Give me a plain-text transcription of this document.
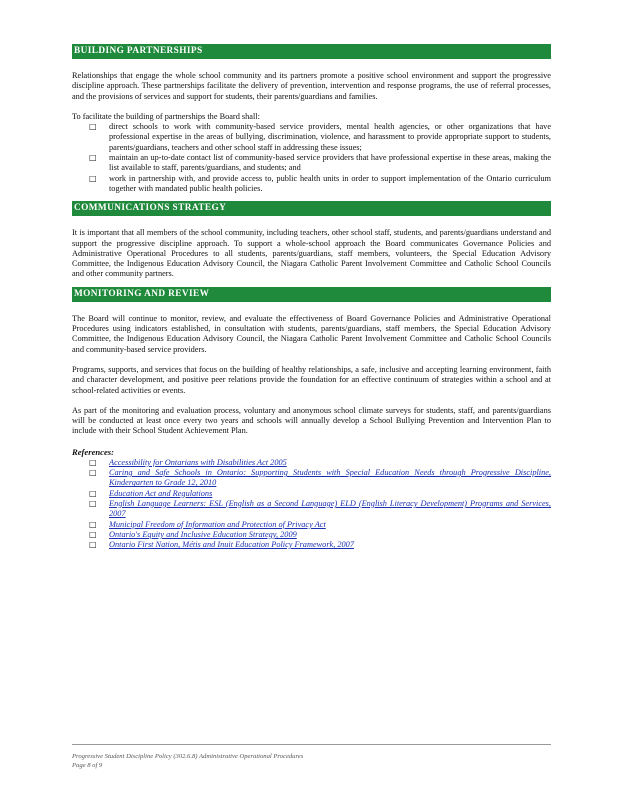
BUILDING PARTNERSHIPS

Relationships that engage the whole school community and its partners promote a positive school environment and support the progressive discipline approach. These partnerships facilitate the delivery of prevention, intervention and response programs, the use of referral processes, and the provisions of services and support for students, their parents/guardians and families.

To facilitate the building of partnerships the Board shall:

□ direct schools to work with community-based service providers, mental health agencies, or other organizations that have professional expertise in the areas of bullying, discrimination, violence, and harassment to provide appropriate support to students, parents/guardians, teachers and other school staff in addressing these issues;
□ maintain an up-to-date contact list of community-based service providers that have professional expertise in these areas, making the list available to staff, parents/guardians, and students; and
□ work in partnership with, and provide access to, public health units in order to support implementation of the Ontario curriculum together with mandated public health policies.
COMMUNICATIONS STRATEGY

It is important that all members of the school community, including teachers, other school staff, students, and parents/guardians understand and support the progressive discipline approach. To support a whole-school approach the Board communicates Governance Policies and Administrative Operational Procedures to all students, parents/guardians, staff members, volunteers, the Special Education Advisory Committee, the Indigenous Education Advisory Council, the Niagara Catholic Parent Involvement Committee and Catholic School Councils and other community partners.

MONITORING AND REVIEW

The Board will continue to monitor, review, and evaluate the effectiveness of Board Governance Policies and Administrative Operational Procedures using indicators established, in consultation with students, parents/guardians, staff members, the Special Education Advisory Committee, the Indigenous Education Advisory Council, the Niagara Catholic Parent Involvement Committee and Catholic School Councils and community-based service providers.

Programs, supports, and services that focus on the building of healthy relationships, a safe, inclusive and accepting learning environment, faith and character development, and positive peer relations provide the foundation for an effective continuum of strategies within a school and at school-related activities or events.

As part of the monitoring and evaluation process, voluntary and anonymous school climate surveys for students, staff, and parents/guardians will be conducted at least once every two years and schools will annually develop a School Bullying Prevention and Intervention Plan to include with their School Student Achievement Plan.

References:

□ Accessibility for Ontarians with Disabilities Act 2005
□ Caring and Safe Schools in Ontario: Supporting Students with Special Education Needs through Progressive Discipline, Kindergarten to Grade 12, 2010
□ Education Act and Regulations
□ English Language Learners: ESL (English as a Second Language) ELD (English Literacy Development) Programs and Services, 2007
□ Municipal Freedom of Information and Protection of Privacy Act
□ Ontario's Equity and Inclusive Education Strategy, 2009
□ Ontario First Nation, Métis and Inuit Education Policy Framework, 2007
Progressive Student Discipline Policy (302.6.8) Administrative Operational Procedures
Page 8 of 9
